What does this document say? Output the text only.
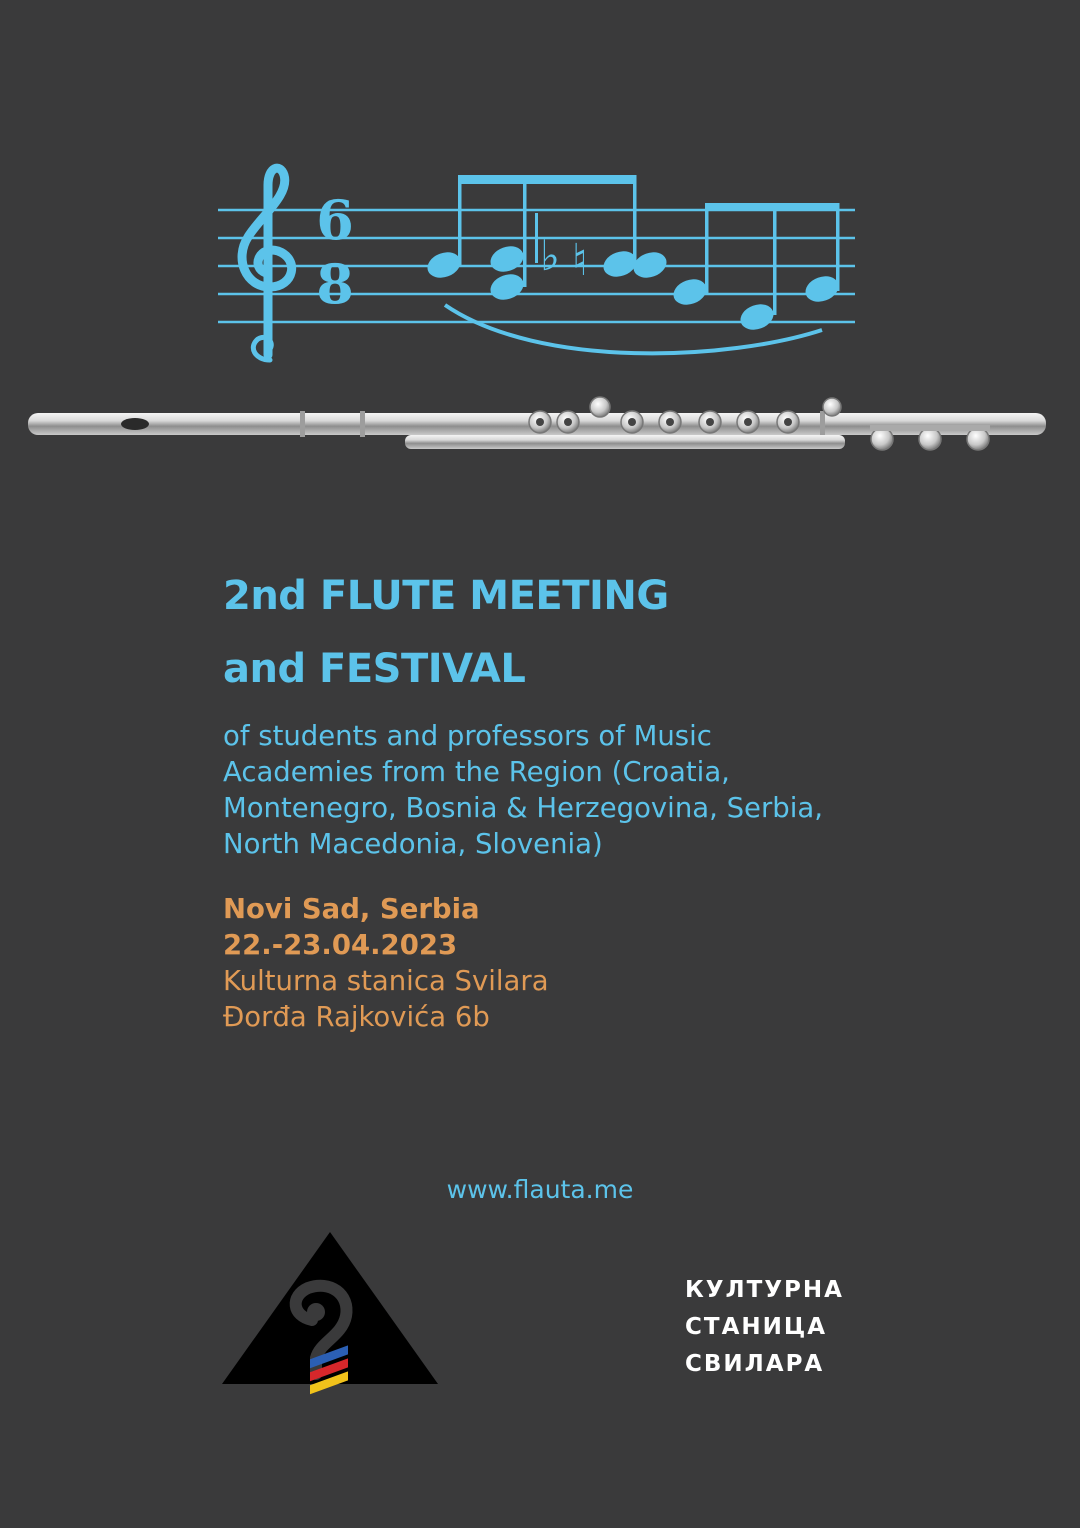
6
8	♭ ♮
2nd FLUTE MEETING
and FESTIVAL
of students and professors of Music
Academies from the Region (Croatia,
Montenegro, Bosnia & Herzegovina, Serbia,
North Macedonia, Slovenia)
Novi Sad, Serbia
22.-23.04.2023
Kulturna stanica Svilara
Đorđa Rajkovića 6b
www.flauta.me
КУЛТУРНА
СТАНИЦА
СВИЛАРА
